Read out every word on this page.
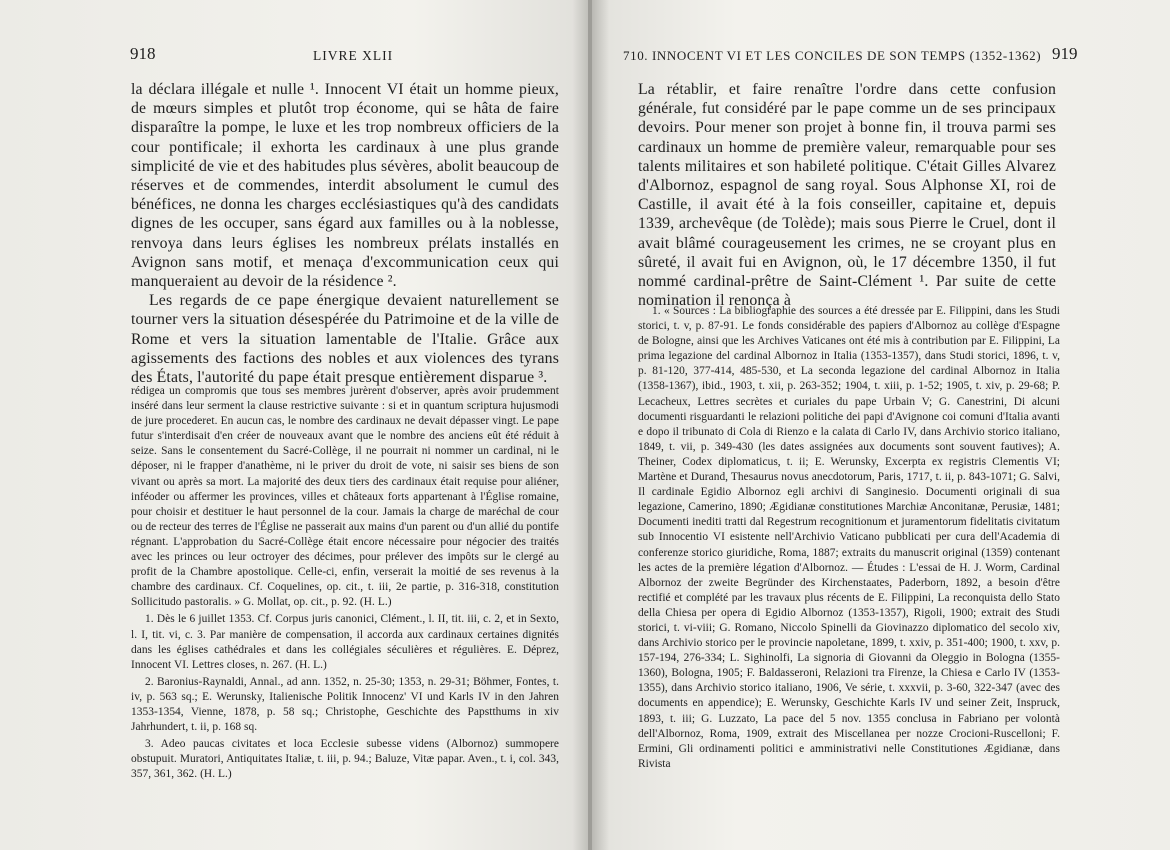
918	LIVRE XLII

la déclara illégale et nulle ¹. Innocent VI était un homme pieux, de mœurs simples et plutôt trop économe, qui se hâta de faire disparaître la pompe, le luxe et les trop nombreux officiers de la cour pontificale; il exhorta les cardinaux à une plus grande simplicité de vie et des habitudes plus sévères, abolit beaucoup de réserves et de commendes, interdit absolument le cumul des bénéfices, ne donna les charges ecclésiastiques qu'à des candidats dignes de les occuper, sans égard aux familles ou à la noblesse, renvoya dans leurs églises les nombreux prélats installés en Avignon sans motif, et menaça d'excommunication ceux qui manqueraient au devoir de la résidence ².

Les regards de ce pape énergique devaient naturellement se tourner vers la situation désespérée du Patrimoine et de la ville de Rome et vers la situation lamentable de l'Italie. Grâce aux agissements des factions des nobles et aux violences des tyrans des États, l'autorité du pape était presque entièrement disparue ³.

rédigea un compromis que tous ses membres jurèrent d'observer, après avoir prudemment inséré dans leur serment la clause restrictive suivante : si et in quantum scriptura hujusmodi de jure procederet. En aucun cas, le nombre des cardinaux ne devait dépasser vingt. Le pape futur s'interdisait d'en créer de nouveaux avant que le nombre des anciens eût été réduit à seize. Sans le consentement du Sacré-Collège, il ne pourrait ni nommer un cardinal, ni le déposer, ni le frapper d'anathème, ni le priver du droit de vote, ni saisir ses biens de son vivant ou après sa mort. La majorité des deux tiers des cardinaux était requise pour aliéner, inféoder ou affermer les provinces, villes et châteaux forts appartenant à l'Église romaine, pour choisir et destituer le haut personnel de la cour. Jamais la charge de maréchal de cour ou de recteur des terres de l'Église ne passerait aux mains d'un parent ou d'un allié du pontife régnant. L'approbation du Sacré-Collège était encore nécessaire pour négocier des traités avec les princes ou leur octroyer des décimes, pour prélever des impôts sur le clergé au profit de la Chambre apostolique. Celle-ci, enfin, verserait la moitié de ses revenus à la chambre des cardinaux. Cf. Coquelines, op. cit., t. iii, 2e partie, p. 316-318, constitution Sollicitudo pastoralis. » G. Mollat, op. cit., p. 92. (H. L.)

1. Dès le 6 juillet 1353. Cf. Corpus juris canonici, Clément., l. II, tit. iii, c. 2, et in Sexto, l. I, tit. vi, c. 3. Par manière de compensation, il accorda aux cardinaux certaines dignités dans les églises cathédrales et dans les collégiales séculières et régulières. E. Déprez, Innocent VI. Lettres closes, n. 267. (H. L.)

2. Baronius-Raynaldi, Annal., ad ann. 1352, n. 25-30; 1353, n. 29-31; Böhmer, Fontes, t. iv, p. 563 sq.; E. Werunsky, Italienische Politik Innocenz' VI und Karls IV in den Jahren 1353-1354, Vienne, 1878, p. 58 sq.; Christophe, Geschichte des Papstthums in xiv Jahrhundert, t. ii, p. 168 sq.

3. Adeo paucas civitates et loca Ecclesie subesse videns (Albornoz) summopere obstupuit. Muratori, Antiquitates Italiæ, t. iii, p. 94.; Baluze, Vitæ papar. Aven., t. i, col. 343, 357, 361, 362. (H. L.)

710. INNOCENT VI ET LES CONCILES DE SON TEMPS (1352-1362) 919

La rétablir, et faire renaître l'ordre dans cette confusion générale, fut considéré par le pape comme un de ses principaux devoirs. Pour mener son projet à bonne fin, il trouva parmi ses cardinaux un homme de première valeur, remarquable pour ses talents militaires et son habileté politique. C'était Gilles Alvarez d'Albornoz, espagnol de sang royal. Sous Alphonse XI, roi de Castille, il avait été à la fois conseiller, capitaine et, depuis 1339, archevêque (de Tolède); mais sous Pierre le Cruel, dont il avait blâmé courageusement les crimes, ne se croyant plus en sûreté, il avait fui en Avignon, où, le 17 décembre 1350, il fut nommé cardinal-prêtre de Saint-Clément ¹. Par suite de cette nomination il renonça à

1. « Sources : La bibliographie des sources a été dressée par E. Filippini, dans les Studi storici, t. v, p. 87-91. Le fonds considérable des papiers d'Albornoz au collège d'Espagne de Bologne, ainsi que les Archives Vaticanes ont été mis à contribution par E. Filippini, La prima legazione del cardinal Albornoz in Italia (1353-1357), dans Studi storici, 1896, t. v, p. 81-120, 377-414, 485-530, et La seconda legazione del cardinal Albornoz in Italia (1358-1367), ibid., 1903, t. xii, p. 263-352; 1904, t. xiii, p. 1-52; 1905, t. xiv, p. 29-68; P. Lecacheux, Lettres secrètes et curiales du pape Urbain V; G. Canestrini, Di alcuni documenti risguardanti le relazioni politiche dei papi d'Avignone coi comuni d'Italia avanti e dopo il tribunato di Cola di Rienzo e la calata di Carlo IV, dans Archivio storico italiano, 1849, t. vii, p. 349-430 (les dates assignées aux documents sont souvent fautives); A. Theiner, Codex diplomaticus, t. ii; E. Werunsky, Excerpta ex registris Clementis VI; Martène et Durand, Thesaurus novus anecdotorum, Paris, 1717, t. ii, p. 843-1071; G. Salvi, Il cardinale Egidio Albornoz egli archivi di Sanginesio. Documenti originali di sua legazione, Camerino, 1890; Ægidianæ constitutiones Marchiæ Anconitanæ, Perusiæ, 1481; Documenti inediti tratti dal Regestrum recognitionum et juramentorum fidelitatis civitatum sub Innocentio VI esistente nell'Archivio Vaticano pubblicati per cura dell'Academia di conferenze storico giuridiche, Roma, 1887; extraits du manuscrit original (1359) contenant les actes de la première légation d'Albornoz. — Études : L'essai de H. J. Worm, Cardinal Albornoz der zweite Begründer des Kirchenstaates, Paderborn, 1892, a besoin d'être rectifié et complété par les travaux plus récents de E. Filippini, La reconquista dello Stato della Chiesa per opera di Egidio Albornoz (1353-1357), Rigoli, 1900; extrait des Studi storici, t. vi-viii; G. Romano, Niccolo Spinelli da Giovinazzo diplomatico del secolo xiv, dans Archivio storico per le provincie napoletane, 1899, t. xxiv, p. 351-400; 1900, t. xxv, p. 157-194, 276-334; L. Sighinolfi, La signoria di Giovanni da Oleggio in Bologna (1355-1360), Bologna, 1905; F. Baldasseroni, Relazioni tra Firenze, la Chiesa e Carlo IV (1353-1355), dans Archivio storico italiano, 1906, Ve série, t. xxxvii, p. 3-60, 322-347 (avec des documents en appendice); E. Werunsky, Geschichte Karls IV und seiner Zeit, Inspruck, 1893, t. iii; G. Luzzato, La pace del 5 nov. 1355 conclusa in Fabriano per volontà dell'Albornoz, Roma, 1909, extrait des Miscellanea per nozze Crocioni-Ruscelloni; F. Ermini, Gli ordinamenti politici e amministrativi nelle Constitutiones Ægidianæ, dans Rivista
